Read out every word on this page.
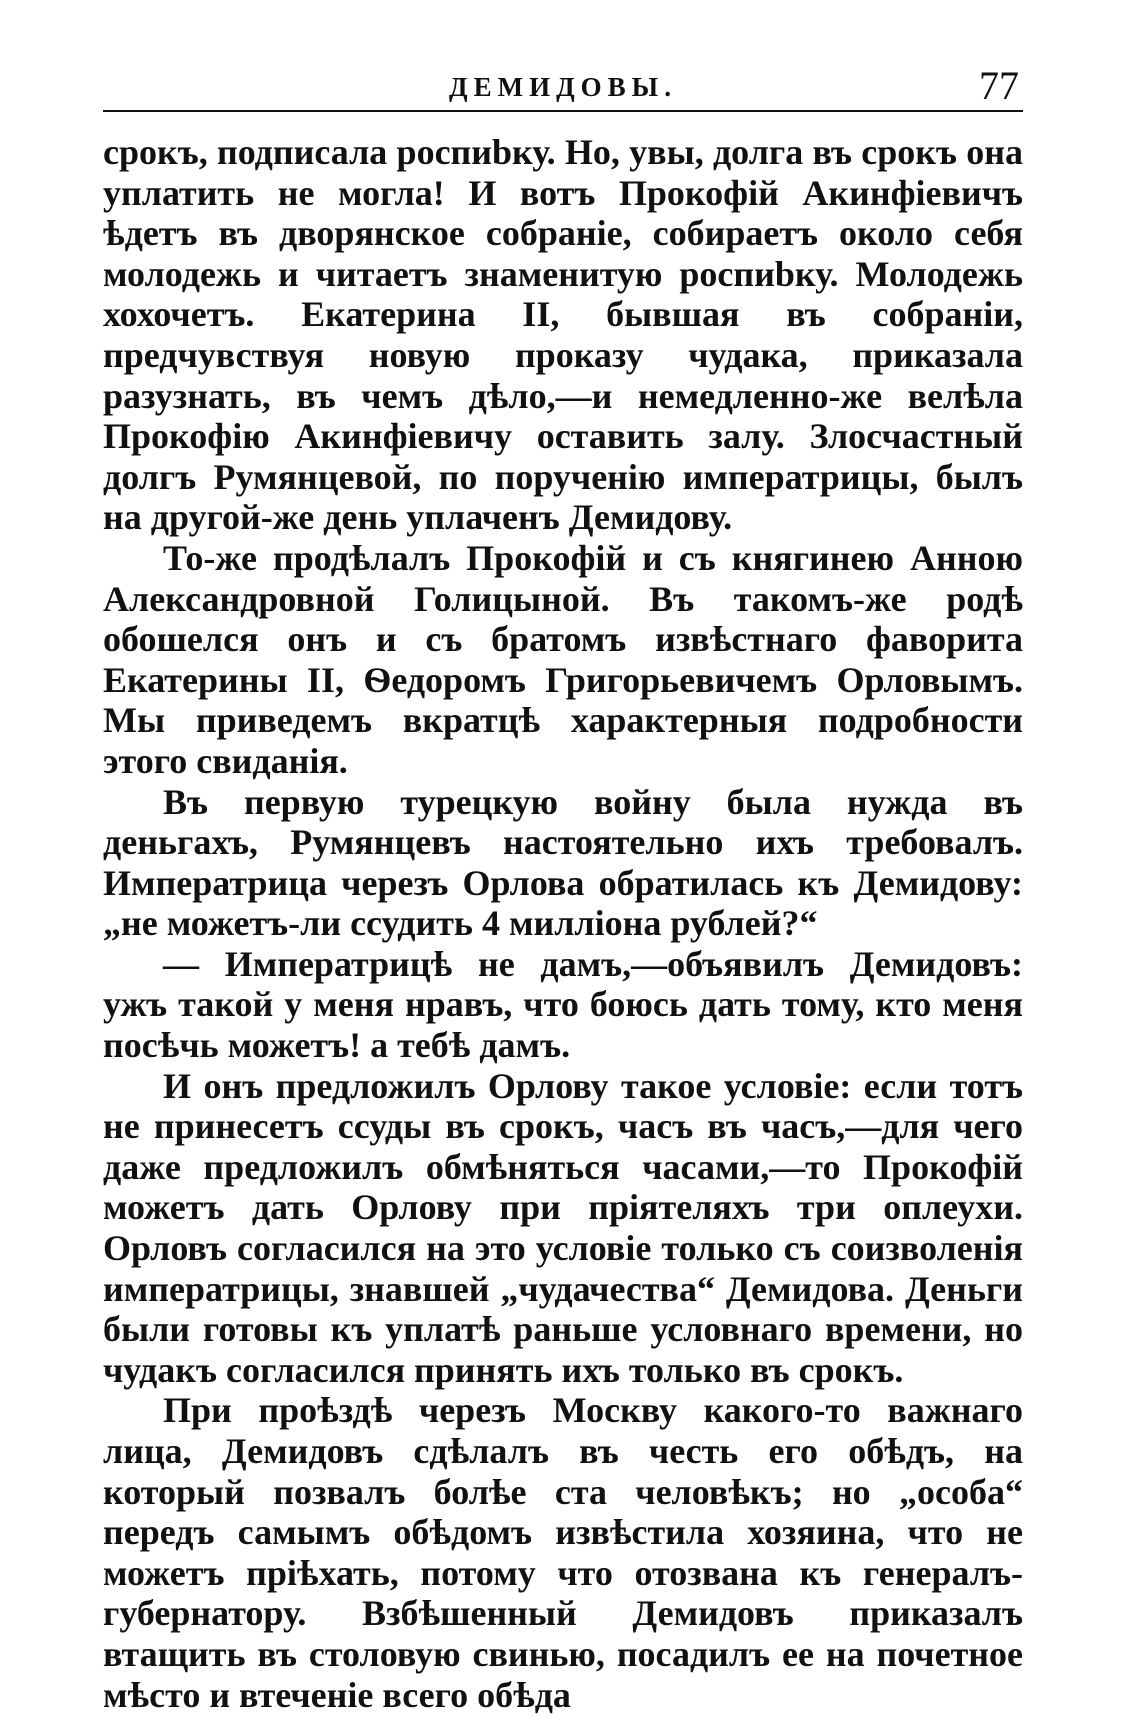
ДЕМИДОВЫ.	77

срокъ, подписала роспиbку. Но, увы, долга въ срокъ она уплатить не могла! И вотъ Прокофій Акинфіевичъ ѣдетъ въ дворянское собраніе, собираетъ около себя молодежь и читаетъ знаменитую роспиbку. Молодежь хохочетъ. Екатерина II, бывшая въ собраніи, предчувствуя новую проказу чудака, приказала разузнать, въ чемъ дѣло,—и немедленно-же велѣла Прокофію Акинфіевичу оставить залу. Злосчастный долгъ Румянцевой, по порученію императрицы, былъ на другой-же день уплаченъ Демидову.

То-же продѣлалъ Прокофій и съ княгинею Анною Александровной Голицыной. Въ такомъ-же родѣ обошелся онъ и съ братомъ извѣстнаго фаворита Екатерины II, Ѳедоромъ Григорьевичемъ Орловымъ. Мы приведемъ вкратцѣ характерныя подробности этого свиданія.

Въ первую турецкую войну была нужда въ деньгахъ, Румянцевъ настоятельно ихъ требовалъ. Императрица черезъ Орлова обратилась къ Демидову: „не можетъ-ли ссудить 4 милліона рублей?“

— Императрицѣ не дамъ,—объявилъ Демидовъ: ужъ такой у меня нравъ, что боюсь дать тому, кто меня посѣчь можетъ! а тебѣ дамъ.

И онъ предложилъ Орлову такое условіе: если тотъ не принесетъ ссуды въ срокъ, часъ въ часъ,—для чего даже предложилъ обмѣняться часами,—то Прокофій можетъ дать Орлову при пріятеляхъ три оплеухи. Орловъ согласился на это условіе только съ соизволенія императрицы, знавшей „чудачества“ Демидова. Деньги были готовы къ уплатѣ раньше условнаго времени, но чудакъ согласился принять ихъ только въ срокъ.

При проѣздѣ черезъ Москву какого-то важнаго лица, Демидовъ сдѣлалъ въ честь его обѣдъ, на который позвалъ болѣе ста человѣкъ; но „особа“ передъ самымъ обѣдомъ извѣстила хозяина, что не можетъ пріѣхать, потому что отозвана къ генералъ-губернатору. Взбѣшенный Демидовъ приказалъ втащить въ столовую свинью, посадилъ ее на почетное мѣсто и втеченіе всего обѣда
